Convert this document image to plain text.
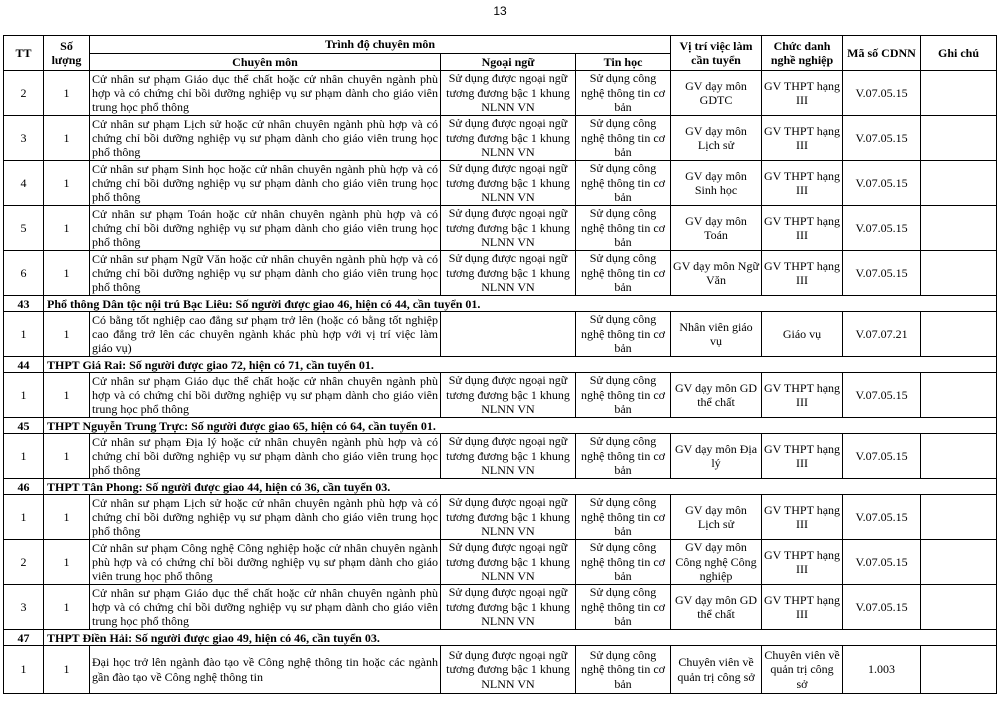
13
TT	Số lượng	Trình độ chuyên môn			Vị trí việc làm cần tuyển	Chức danh nghề nghiệp	Mã số CDNN	Ghi chú
		Chuyên môn	Ngoại ngữ	Tin học				
2	1	Cử nhân sư phạm Giáo dục thể chất hoặc cử nhân chuyên ngành phù hợp và có chứng chỉ bồi dưỡng nghiệp vụ sư phạm dành cho giáo viên trung học phổ thông	Sử dụng được ngoại ngữ tương đương bậc 1 khung NLNN VN	Sử dụng công nghệ thông tin cơ bản	GV dạy môn GDTC	GV THPT hạng III	V.07.05.15	
3	1	Cử nhân sư phạm Lịch sử hoặc cử nhân chuyên ngành phù hợp và có chứng chỉ bồi dưỡng nghiệp vụ sư phạm dành cho giáo viên trung học phổ thông	Sử dụng được ngoại ngữ tương đương bậc 1 khung NLNN VN	Sử dụng công nghệ thông tin cơ bản	GV dạy môn Lịch sử	GV THPT hạng III	V.07.05.15	
4	1	Cử nhân sư phạm Sinh học hoặc cử nhân chuyên ngành phù hợp và có chứng chỉ bồi dưỡng nghiệp vụ sư phạm dành cho giáo viên trung học phổ thông	Sử dụng được ngoại ngữ tương đương bậc 1 khung NLNN VN	Sử dụng công nghệ thông tin cơ bản	GV dạy môn Sinh học	GV THPT hạng III	V.07.05.15	
5	1	Cử nhân sư phạm Toán hoặc cử nhân chuyên ngành phù hợp và có chứng chỉ bồi dưỡng nghiệp vụ sư phạm dành cho giáo viên trung học phổ thông	Sử dụng được ngoại ngữ tương đương bậc 1 khung NLNN VN	Sử dụng công nghệ thông tin cơ bản	GV dạy môn Toán	GV THPT hạng III	V.07.05.15	
6	1	Cử nhân sư phạm Ngữ Văn hoặc cử nhân chuyên ngành phù hợp và có chứng chỉ bồi dưỡng nghiệp vụ sư phạm dành cho giáo viên trung học phổ thông	Sử dụng được ngoại ngữ tương đương bậc 1 khung NLNN VN	Sử dụng công nghệ thông tin cơ bản	GV dạy môn Ngữ Văn	GV THPT hạng III	V.07.05.15	
43	Phổ thông Dân tộc nội trú Bạc Liêu: Số người được giao 46, hiện có 44, cần tuyển 01.							
1	1	Có bằng tốt nghiệp cao đẳng sư phạm trở lên (hoặc có bằng tốt nghiệp cao đẳng trở lên các chuyên ngành khác phù hợp với vị trí việc làm giáo vụ)		Sử dụng công nghệ thông tin cơ bản	Nhân viên giáo vụ	Giáo vụ	V.07.07.21	
44	THPT Giá Rai: Số người được giao 72, hiện có 71, cần tuyển 01.							
1	1	Cử nhân sư phạm Giáo dục thể chất hoặc cử nhân chuyên ngành phù hợp và có chứng chỉ bồi dưỡng nghiệp vụ sư phạm dành cho giáo viên trung học phổ thông	Sử dụng được ngoại ngữ tương đương bậc 1 khung NLNN VN	Sử dụng công nghệ thông tin cơ bản	GV dạy môn GD thể chất	GV THPT hạng III	V.07.05.15	
45	THPT Nguyễn Trung Trực: Số người được giao 65, hiện có 64, cần tuyển 01.							
1	1	Cử nhân sư phạm Địa lý hoặc cử nhân chuyên ngành phù hợp và có chứng chỉ bồi dưỡng nghiệp vụ sư phạm dành cho giáo viên trung học phổ thông	Sử dụng được ngoại ngữ tương đương bậc 1 khung NLNN VN	Sử dụng công nghệ thông tin cơ bản	GV dạy môn Địa lý	GV THPT hạng III	V.07.05.15	
46	THPT Tân Phong: Số người được giao 44, hiện có 36, cần tuyển 03.							
1	1	Cử nhân sư phạm Lịch sử hoặc cử nhân chuyên ngành phù hợp và có chứng chỉ bồi dưỡng nghiệp vụ sư phạm dành cho giáo viên trung học phổ thông	Sử dụng được ngoại ngữ tương đương bậc 1 khung NLNN VN	Sử dụng công nghệ thông tin cơ bản	GV dạy môn Lịch sử	GV THPT hạng III	V.07.05.15	
2	1	Cử nhân sư phạm Công nghệ Công nghiệp hoặc cử nhân chuyên ngành phù hợp và có chứng chỉ bồi dưỡng nghiệp vụ sư phạm dành cho giáo viên trung học phổ thông	Sử dụng được ngoại ngữ tương đương bậc 1 khung NLNN VN	Sử dụng công nghệ thông tin cơ bản	GV dạy môn Công nghệ Công nghiệp	GV THPT hạng III	V.07.05.15	
3	1	Cử nhân sư phạm Giáo dục thể chất hoặc cử nhân chuyên ngành phù hợp và có chứng chỉ bồi dưỡng nghiệp vụ sư phạm dành cho giáo viên trung học phổ thông	Sử dụng được ngoại ngữ tương đương bậc 1 khung NLNN VN	Sử dụng công nghệ thông tin cơ bản	GV dạy môn GD thể chất	GV THPT hạng III	V.07.05.15	
47	THPT Điền Hải: Số người được giao 49, hiện có 46, cần tuyển 03.							
1	1	Đại học trở lên ngành đào tạo về Công nghệ thông tin hoặc các ngành gần đào tạo về Công nghệ thông tin	Sử dụng được ngoại ngữ tương đương bậc 1 khung NLNN VN	Sử dụng công nghệ thông tin cơ bản	Chuyên viên về quản trị công sở	Chuyên viên về quản trị công sở	1.003	
